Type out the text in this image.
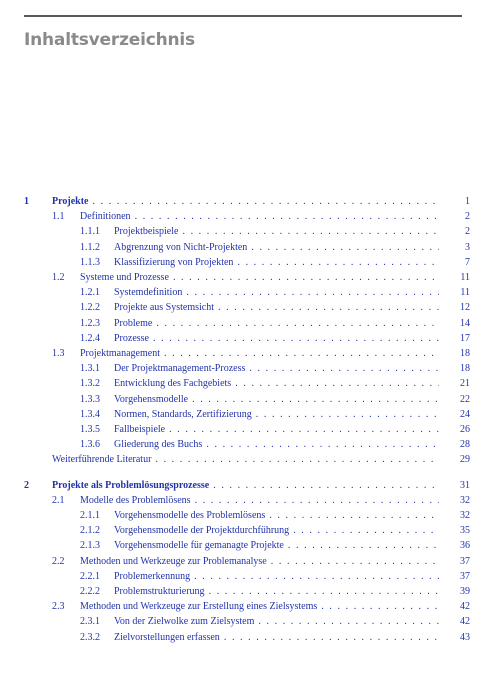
Inhaltsverzeichnis
1 Projekte . . .	1
1.1 Definitionen . . .	2
1.1.1 Projektbeispiele . . .	2
1.1.2 Abgrenzung von Nicht-Projekten . . .	3
1.1.3 Klassifizierung von Projekten . . .	7
1.2 Systeme und Prozesse . . .	11
1.2.1 Systemdefinition . . .	11
1.2.2 Projekte aus Systemsicht . . .	12
1.2.3 Probleme . . .	14
1.2.4 Prozesse . . .	17
1.3 Projektmanagement . . .	18
1.3.1 Der Projektmanagement-Prozess . . .	18
1.3.2 Entwicklung des Fachgebiets . . .	21
1.3.3 Vorgehensmodelle . . .	22
1.3.4 Normen, Standards, Zertifizierung . . .	24
1.3.5 Fallbeispiele . . .	26
1.3.6 Gliederung des Buchs . . .	28
Weiterführende Literatur . . .	29
2 Projekte als Problemlösungsprozesse . . .	31
2.1 Modelle des Problemlösens . . .	32
2.1.1 Vorgehensmodelle des Problemlösens . . .	32
2.1.2 Vorgehensmodelle der Projektdurchführung . . .	35
2.1.3 Vorgehensmodelle für gemanagte Projekte . . .	36
2.2 Methoden und Werkzeuge zur Problemanalyse . . .	37
2.2.1 Problemerkennung . . .	37
2.2.2 Problemstrukturierung . . .	39
2.3 Methoden und Werkzeuge zur Erstellung eines Zielsystems . . .	42
2.3.1 Von der Zielwolke zum Zielsystem . . .	42
2.3.2 Zielvorstellungen erfassen . . .	43
